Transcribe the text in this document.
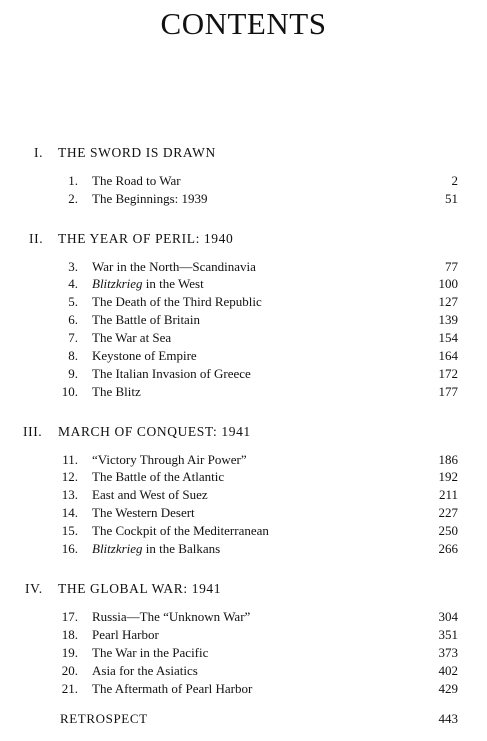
CONTENTS
I. THE SWORD IS DRAWN
1. The Road to War	2
2. The Beginnings: 1939	51
II. THE YEAR OF PERIL: 1940
3. War in the North—Scandinavia	77
4. Blitzkrieg in the West	100
5. The Death of the Third Republic	127
6. The Battle of Britain	139
7. The War at Sea	154
8. Keystone of Empire	164
9. The Italian Invasion of Greece	172
10. The Blitz	177
III. MARCH OF CONQUEST: 1941
11. “Victory Through Air Power”	186
12. The Battle of the Atlantic	192
13. East and West of Suez	211
14. The Western Desert	227
15. The Cockpit of the Mediterranean	250
16. Blitzkrieg in the Balkans	266
IV. THE GLOBAL WAR: 1941
17. Russia—The “Unknown War”	304
18. Pearl Harbor	351
19. The War in the Pacific	373
20. Asia for the Asiatics	402
21. The Aftermath of Pearl Harbor	429
RETROSPECT	443
